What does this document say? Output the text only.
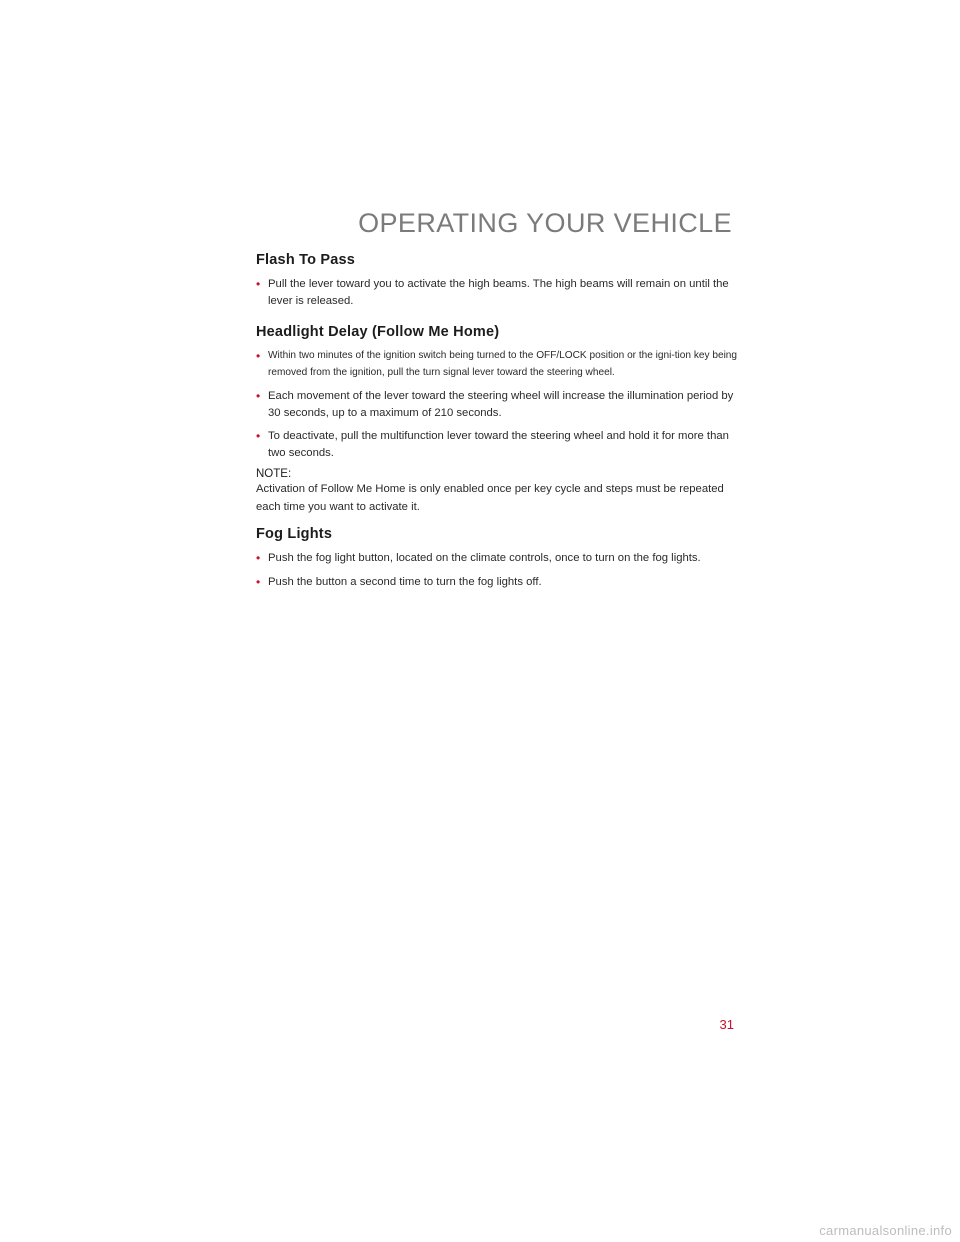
OPERATING YOUR VEHICLE
Flash To Pass
• Pull the lever toward you to activate the high beams. The high beams will remain on until the lever is released.
Headlight Delay (Follow Me Home)
• Within two minutes of the ignition switch being turned to the OFF/LOCK position or the igni-tion key being removed from the ignition, pull the turn signal lever toward the steering wheel.
• Each movement of the lever toward the steering wheel will increase the illumination period by 30 seconds, up to a maximum of 210 seconds.
• To deactivate, pull the multifunction lever toward the steering wheel and hold it for more than two seconds.

NOTE:

Activation of Follow Me Home is only enabled once per key cycle and steps must be repeated each time you want to activate it.

Fog Lights
• Push the fog light button, located on the climate controls, once to turn on the fog lights.
• Push the button a second time to turn the fog lights off.
31
carmanualsonline.info
